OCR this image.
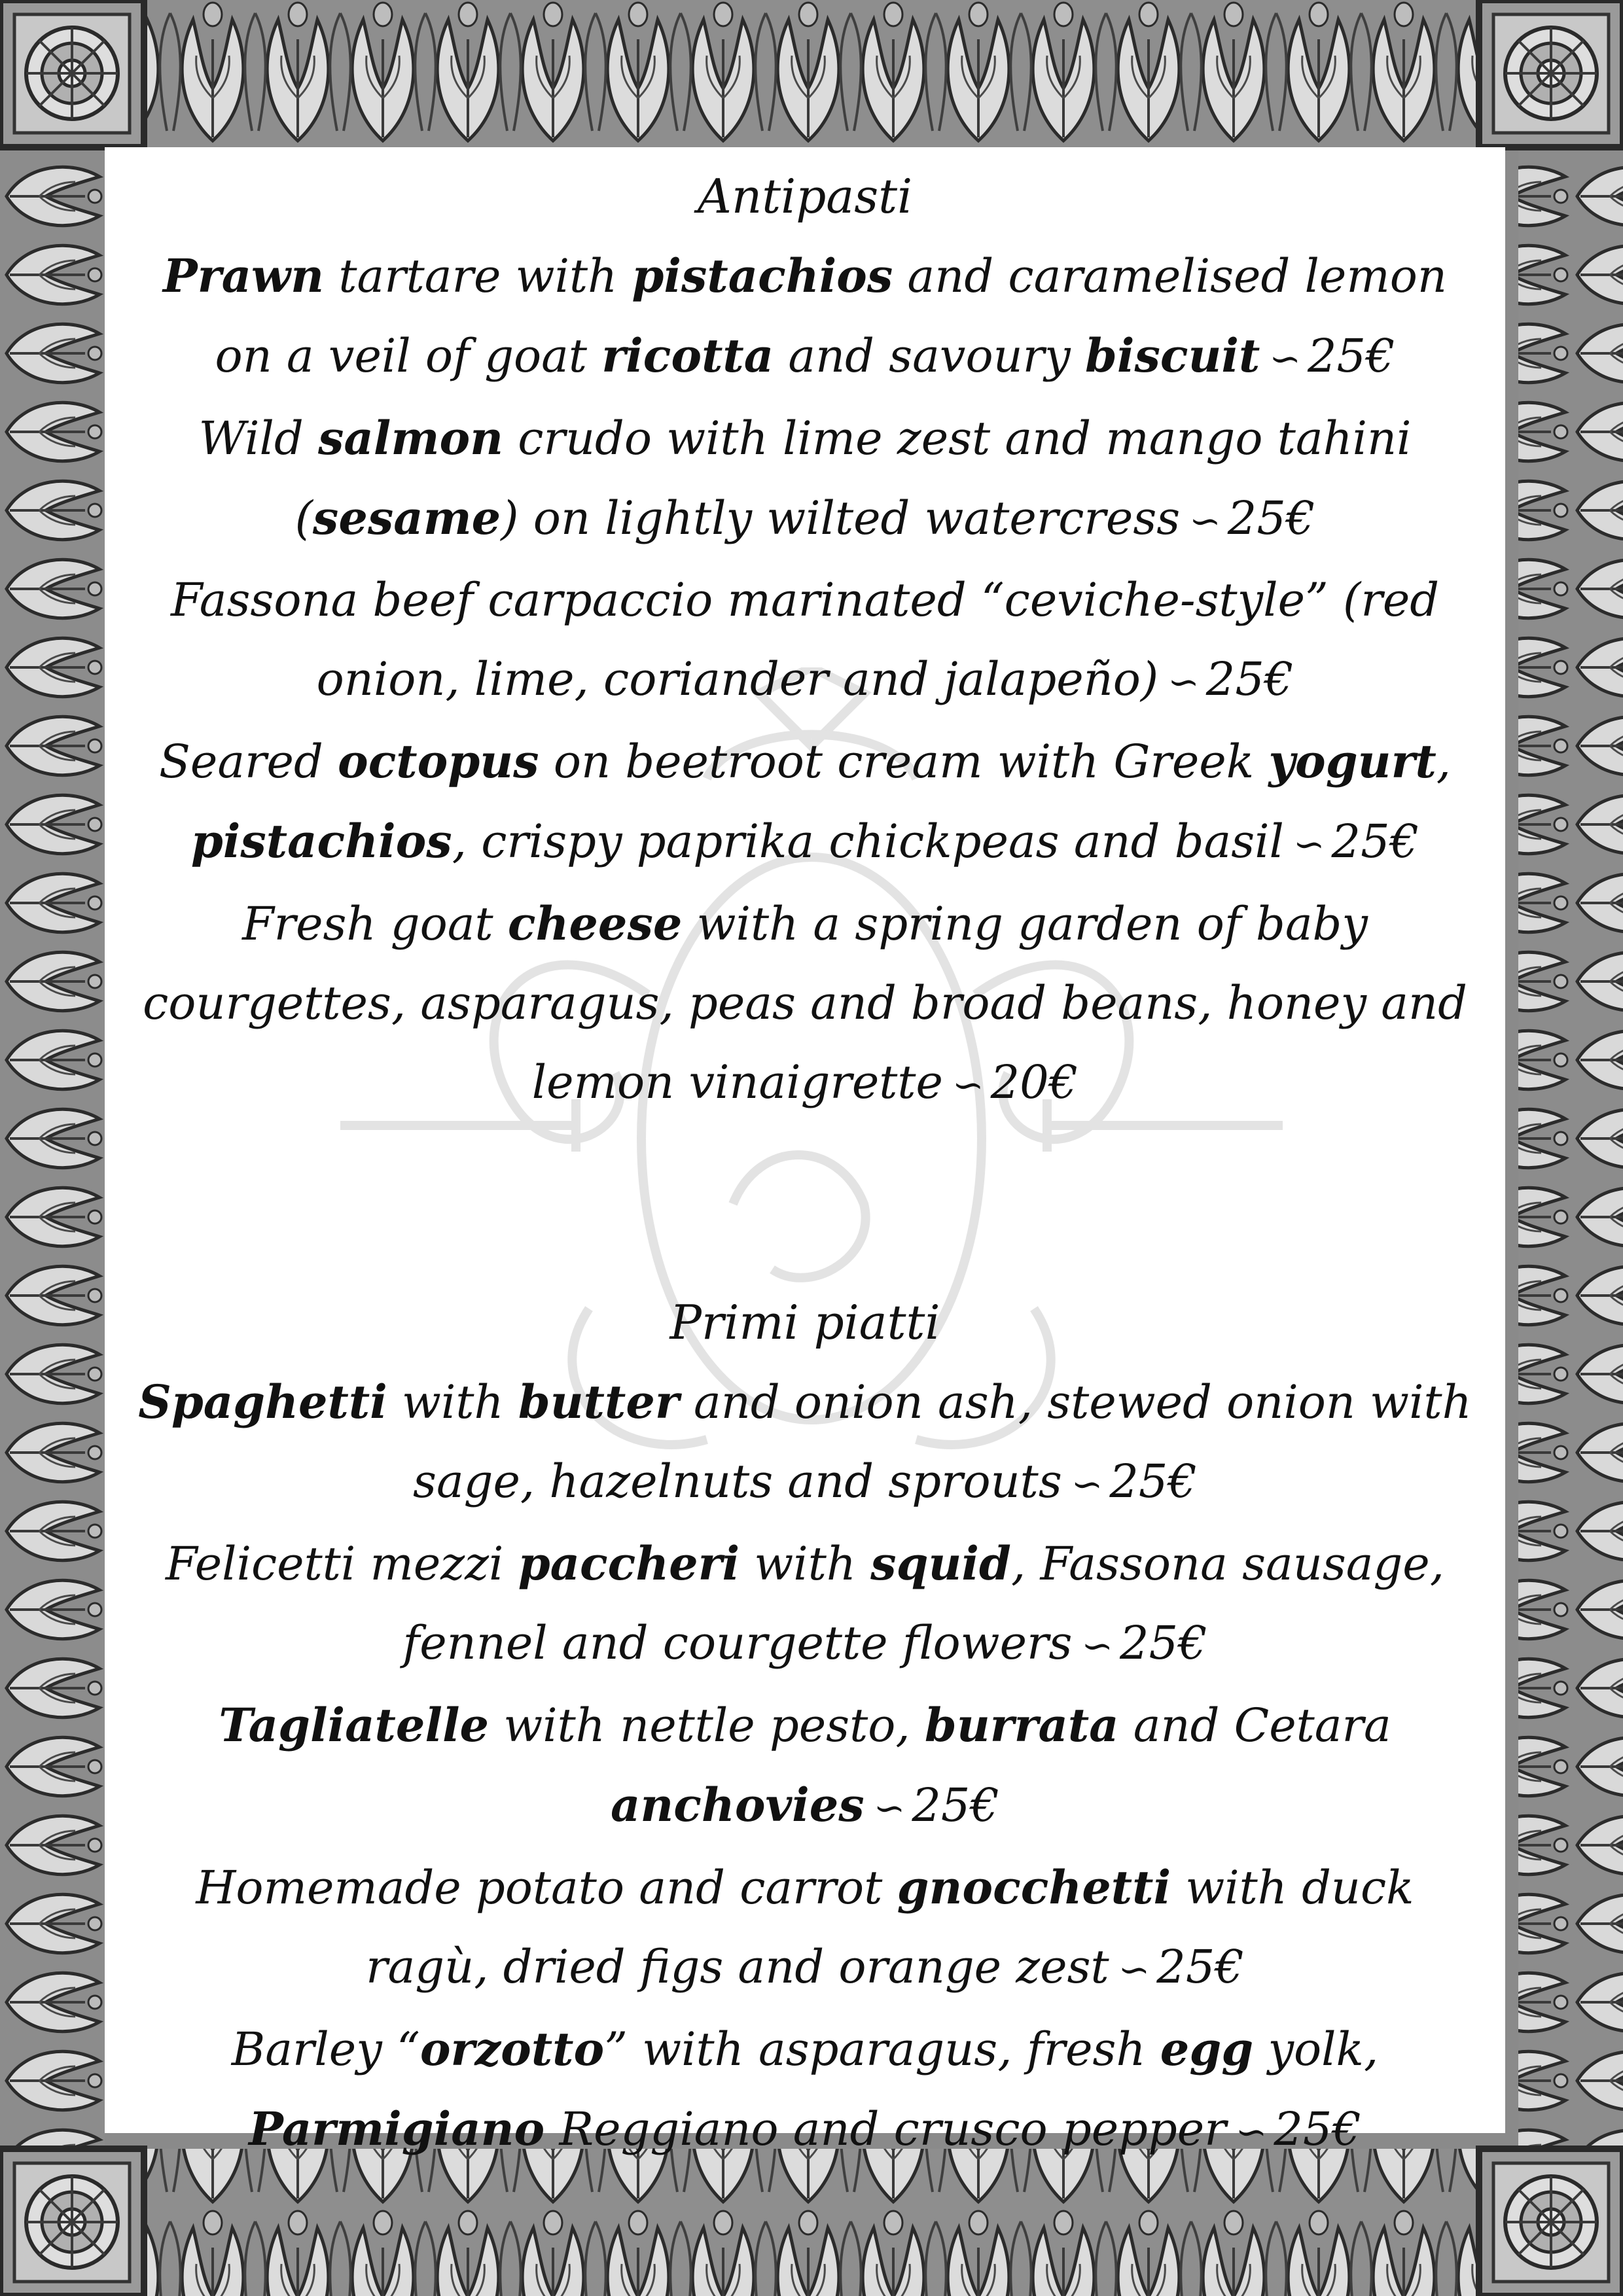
Antipasti
Prawn tartare with pistachios and caramelised lemon on a veil of goat ricotta and savoury biscuit ∽ 25€
Wild salmon crudo with lime zest and mango tahini (sesame) on lightly wilted watercress ∽ 25€
Fassona beef carpaccio marinated “ceviche-style” (red onion, lime, coriander and jalapeño) ∽ 25€
Seared octopus on beetroot cream with Greek yogurt, pistachios, crispy paprika chickpeas and basil ∽ 25€
Fresh goat cheese with a spring garden of baby courgettes, asparagus, peas and broad beans, honey and lemon vinaigrette ∽ 20€
Primi piatti
Spaghetti with butter and onion ash, stewed onion with sage, hazelnuts and sprouts ∽ 25€
Felicetti mezzi paccheri with squid, Fassona sausage, fennel and courgette flowers ∽ 25€
Tagliatelle with nettle pesto, burrata and Cetara anchovies ∽ 25€
Homemade potato and carrot gnocchetti with duck ragù, dried figs and orange zest ∽ 25€
Barley “orzotto” with asparagus, fresh egg yolk, Parmigiano Reggiano and crusco pepper ∽ 25€
